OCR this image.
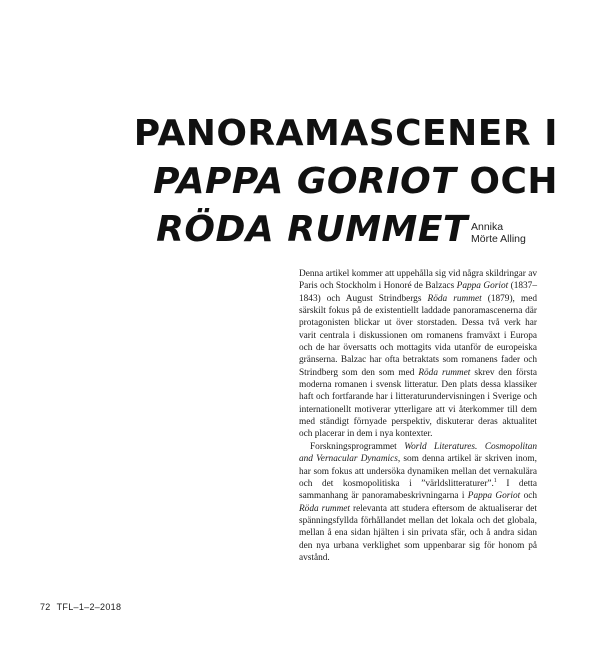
PANORAMASCENER I
PAPPA GORIOT OCH
RÖDA RUMMET Annika
Mörte Alling

Denna artikel kommer att uppehålla sig vid några skildringar av Paris och Stockholm i Honoré de Balzacs Pappa Goriot (1837–1843) och August Strindbergs Röda rummet (1879), med särskilt fokus på de existentiellt laddade panoramascenerna där protagonisten blickar ut över storstaden. Dessa två verk har varit centrala i diskussionen om romanens framväxt i Europa och de har översatts och mottagits vida utanför de europeiska gränserna. Balzac har ofta betraktats som romanens fader och Strindberg som den som med Röda rummet skrev den första moderna romanen i svensk litteratur. Den plats dessa klassiker haft och fortfarande har i litteraturundervisningen i Sverige och internationellt motiverar ytterligare att vi återkommer till dem med ständigt förnyade perspektiv, diskuterar deras aktualitet och placerar in dem i nya kontexter.

Forskningsprogrammet World Literatures. Cosmopolitan and Vernacular Dynamics, som denna artikel är skriven inom, har som fokus att undersöka dynamiken mellan det vernakulära och det kosmopolitiska i ”världslitteraturer”.$^1$ I detta sammanhang är panoramabeskrivningarna i Pappa Goriot och Röda rummet relevanta att studera eftersom de aktualiserar det spänningsfyllda förhållandet mellan det lokala och det globala, mellan å ena sidan hjälten i sin privata sfär, och å andra sidan den nya urbana verklighet som uppenbarar sig för honom på avstånd.

72 TFL–1–2–2018
